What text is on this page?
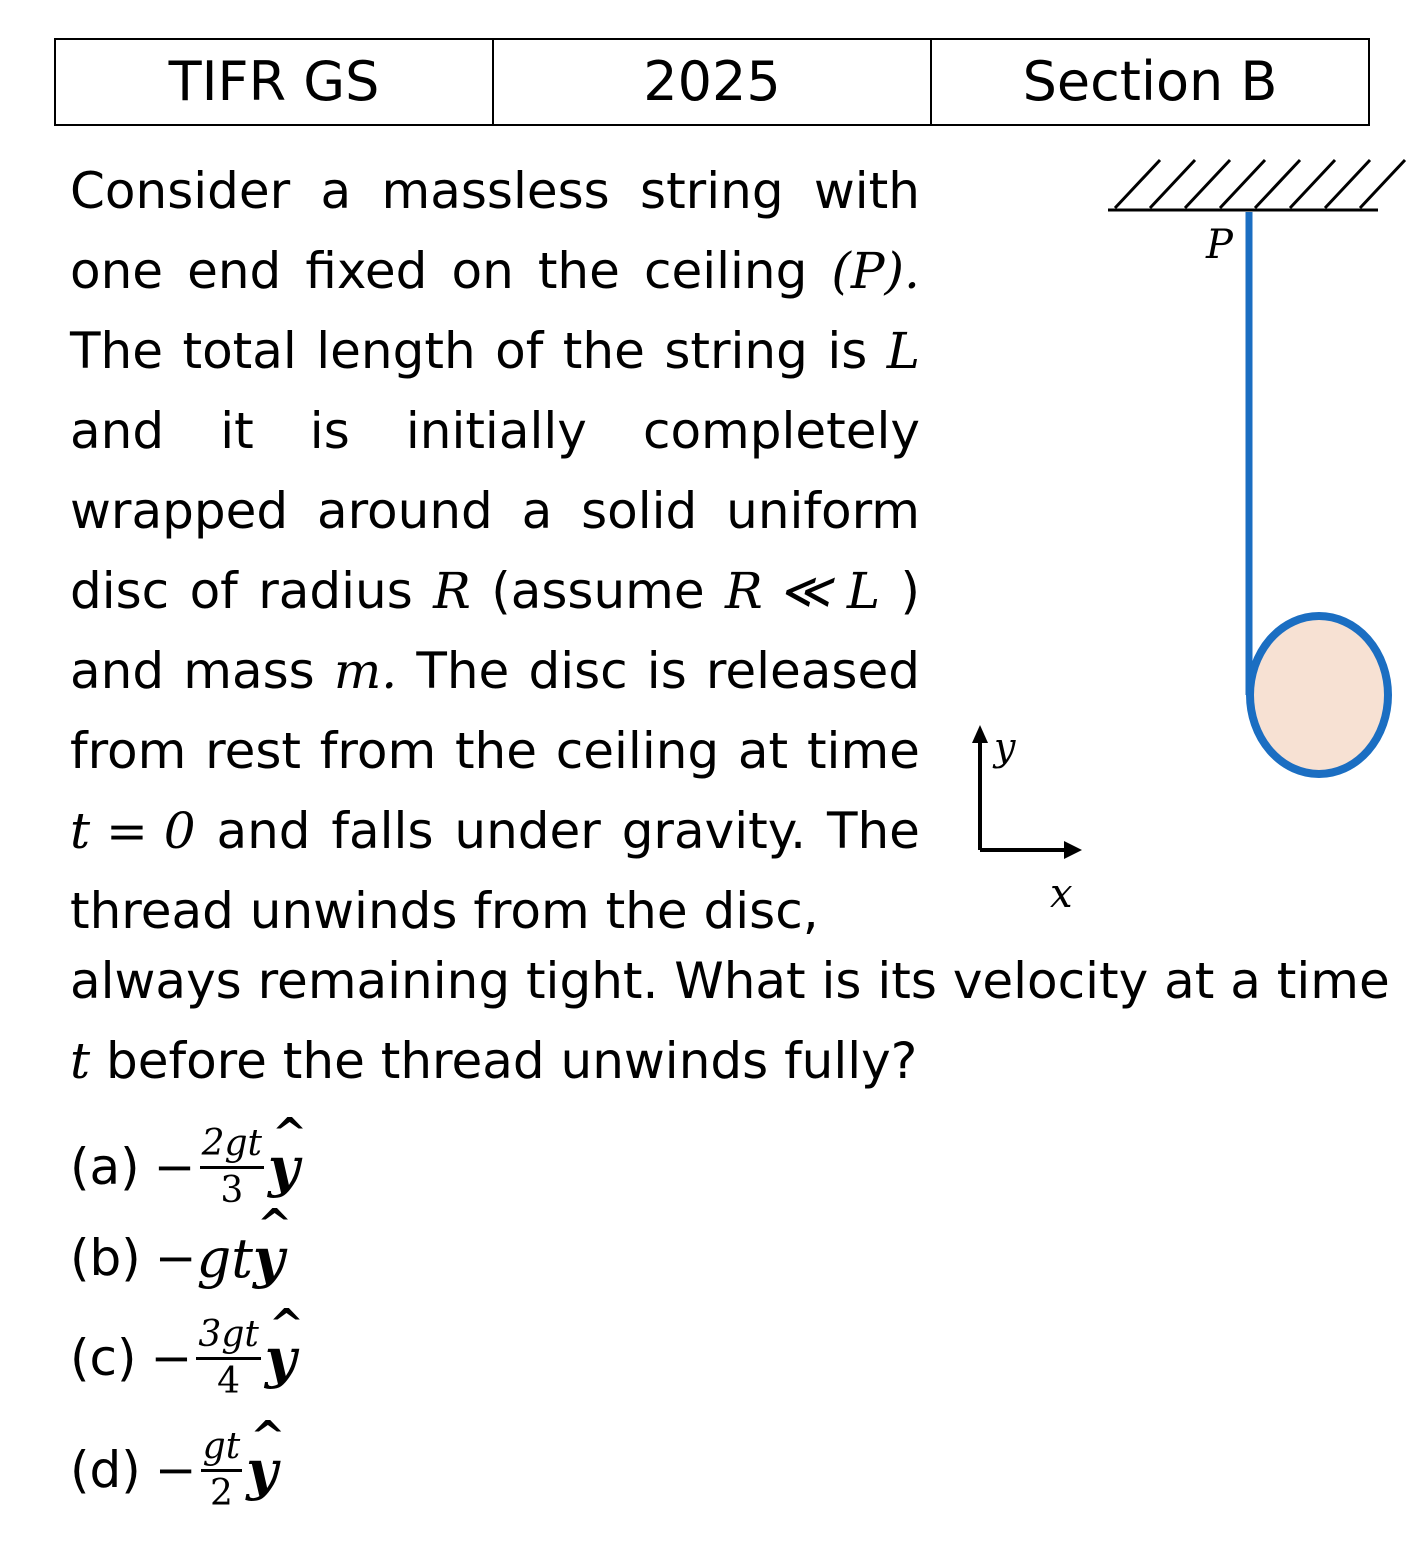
TIFR GS	2025	Section B
Consider a massless string with
one end fixed on the ceiling (P).
The total length of the string is L
and it is initially completely
wrapped around a solid uniform
disc of radius R (assume R ≪ L )
and mass m. The disc is released
from rest from the ceiling at time
t = 0 and falls under gravity. The
thread unwinds from the disc,
always remaining tight. What is its velocity at a time
t before the thread unwinds fully?
$(a) - \frac{2gt}{3}$ ^ y
(b) − gt ^ y
$(c) - \frac{3gt}{4}$ ^ y
$(d) - \frac{gt}{2}$ ^ y
P
y
x
